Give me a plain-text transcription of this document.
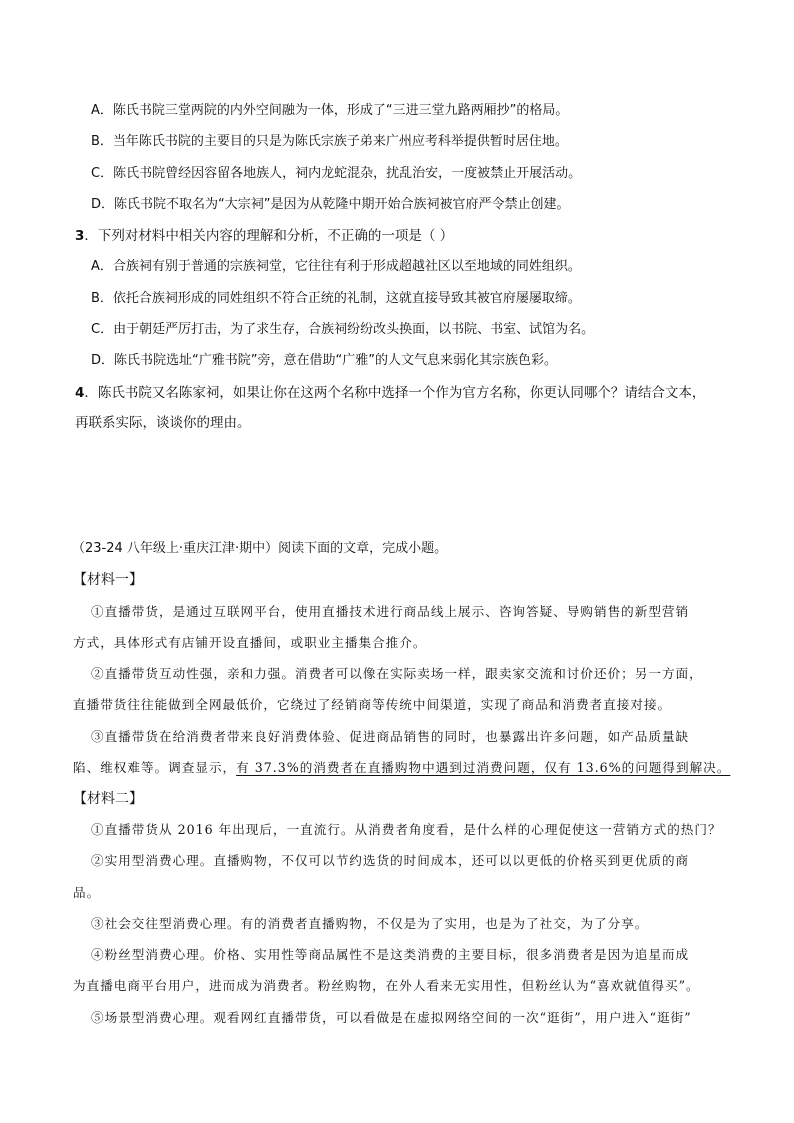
A．陈氏书院三堂两院的内外空间融为一体，形成了“三进三堂九路两厢抄”的格局。
B．当年陈氏书院的主要目的只是为陈氏宗族子弟来广州应考科举提供暂时居住地。
C．陈氏书院曾经因容留各地族人，祠内龙蛇混杂，扰乱治安，一度被禁止开展活动。
D．陈氏书院不取名为“大宗祠”是因为从乾隆中期开始合族祠被官府严令禁止创建。
3．下列对材料中相关内容的理解和分析，不正确的一项是（ ）
A．合族祠有别于普通的宗族祠堂，它往往有利于形成超越社区以至地域的同姓组织。
B．依托合族祠形成的同姓组织不符合正统的礼制，这就直接导致其被官府屡屡取缔。
C．由于朝廷严厉打击，为了求生存，合族祠纷纷改头换面，以书院、书室、试馆为名。
D．陈氏书院选址“广雅书院”旁，意在借助“广雅”的人文气息来弱化其宗族色彩。
4．陈氏书院又名陈家祠，如果让你在这两个名称中选择一个作为官方名称，你更认同哪个？请结合文本，
再联系实际，谈谈你的理由。
（23-24 八年级上·重庆江津·期中）阅读下面的文章，完成小题。
【材料一】
①直播带货，是通过互联网平台，使用直播技术进行商品线上展示、咨询答疑、导购销售的新型营销
方式，具体形式有店铺开设直播间，或职业主播集合推介。
②直播带货互动性强，亲和力强。消费者可以像在实际卖场一样，跟卖家交流和讨价还价；另一方面，
直播带货往往能做到全网最低价，它绕过了经销商等传统中间渠道，实现了商品和消费者直接对接。
③直播带货在给消费者带来良好消费体验、促进商品销售的同时，也暴露出许多问题，如产品质量缺
陷、维权难等。调查显示，有 37.3%的消费者在直播购物中遇到过消费问题，仅有 13.6%的问题得到解决。
【材料二】
①直播带货从 2016 年出现后，一直流行。从消费者角度看，是什么样的心理促使这一营销方式的热门？
②实用型消费心理。直播购物，不仅可以节约选货的时间成本，还可以以更低的价格买到更优质的商
品。
③社会交往型消费心理。有的消费者直播购物，不仅是为了实用，也是为了社交，为了分享。
④粉丝型消费心理。价格、实用性等商品属性不是这类消费的主要目标，很多消费者是因为追星而成
为直播电商平台用户，进而成为消费者。粉丝购物，在外人看来无实用性，但粉丝认为“喜欢就值得买”。
⑤场景型消费心理。观看网红直播带货，可以看做是在虚拟网络空间的一次“逛街”，用户进入“逛街”
